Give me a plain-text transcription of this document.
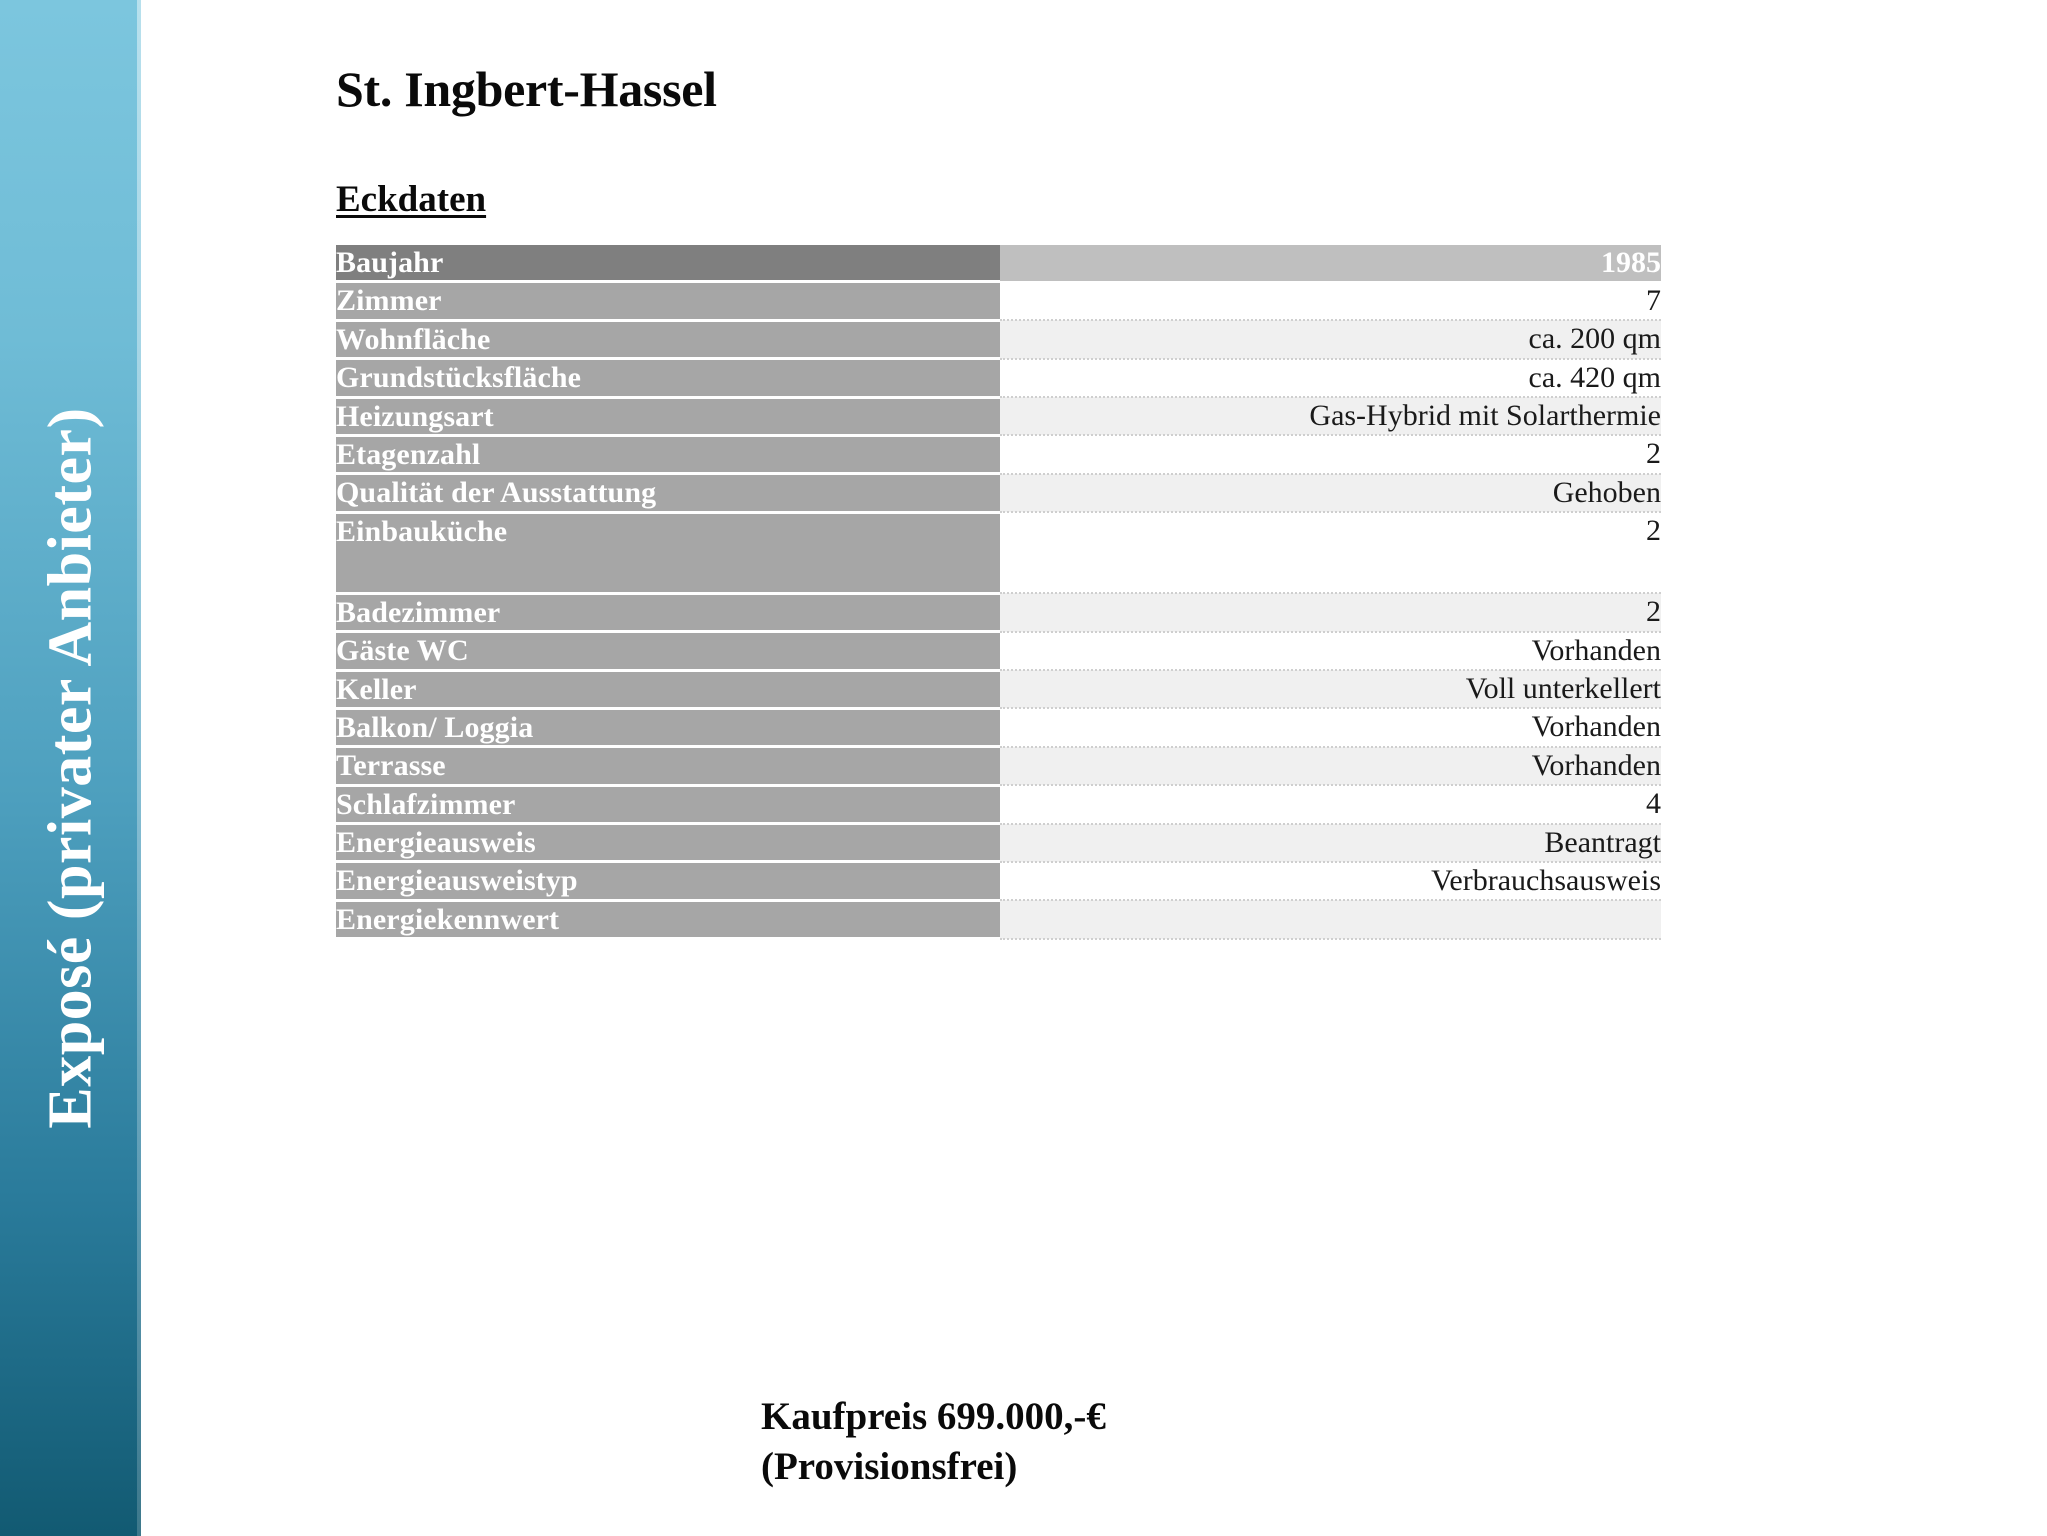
Exposé (privater Anbieter)
St. Ingbert-Hassel
Eckdaten
Baujahr	1985
Zimmer	7
Wohnfläche	ca. 200 qm
Grundstücksfläche	ca. 420 qm
Heizungsart	Gas-Hybrid mit Solarthermie
Etagenzahl	2
Qualität der Ausstattung	Gehoben
Einbauküche	2
Badezimmer	2
Gäste WC	Vorhanden
Keller	Voll unterkellert
Balkon/ Loggia	Vorhanden
Terrasse	Vorhanden
Schlafzimmer	4
Energieausweis	Beantragt
Energieausweistyp	Verbrauchsausweis
Energiekennwert	
Kaufpreis 699.000,-€
(Provisionsfrei)
